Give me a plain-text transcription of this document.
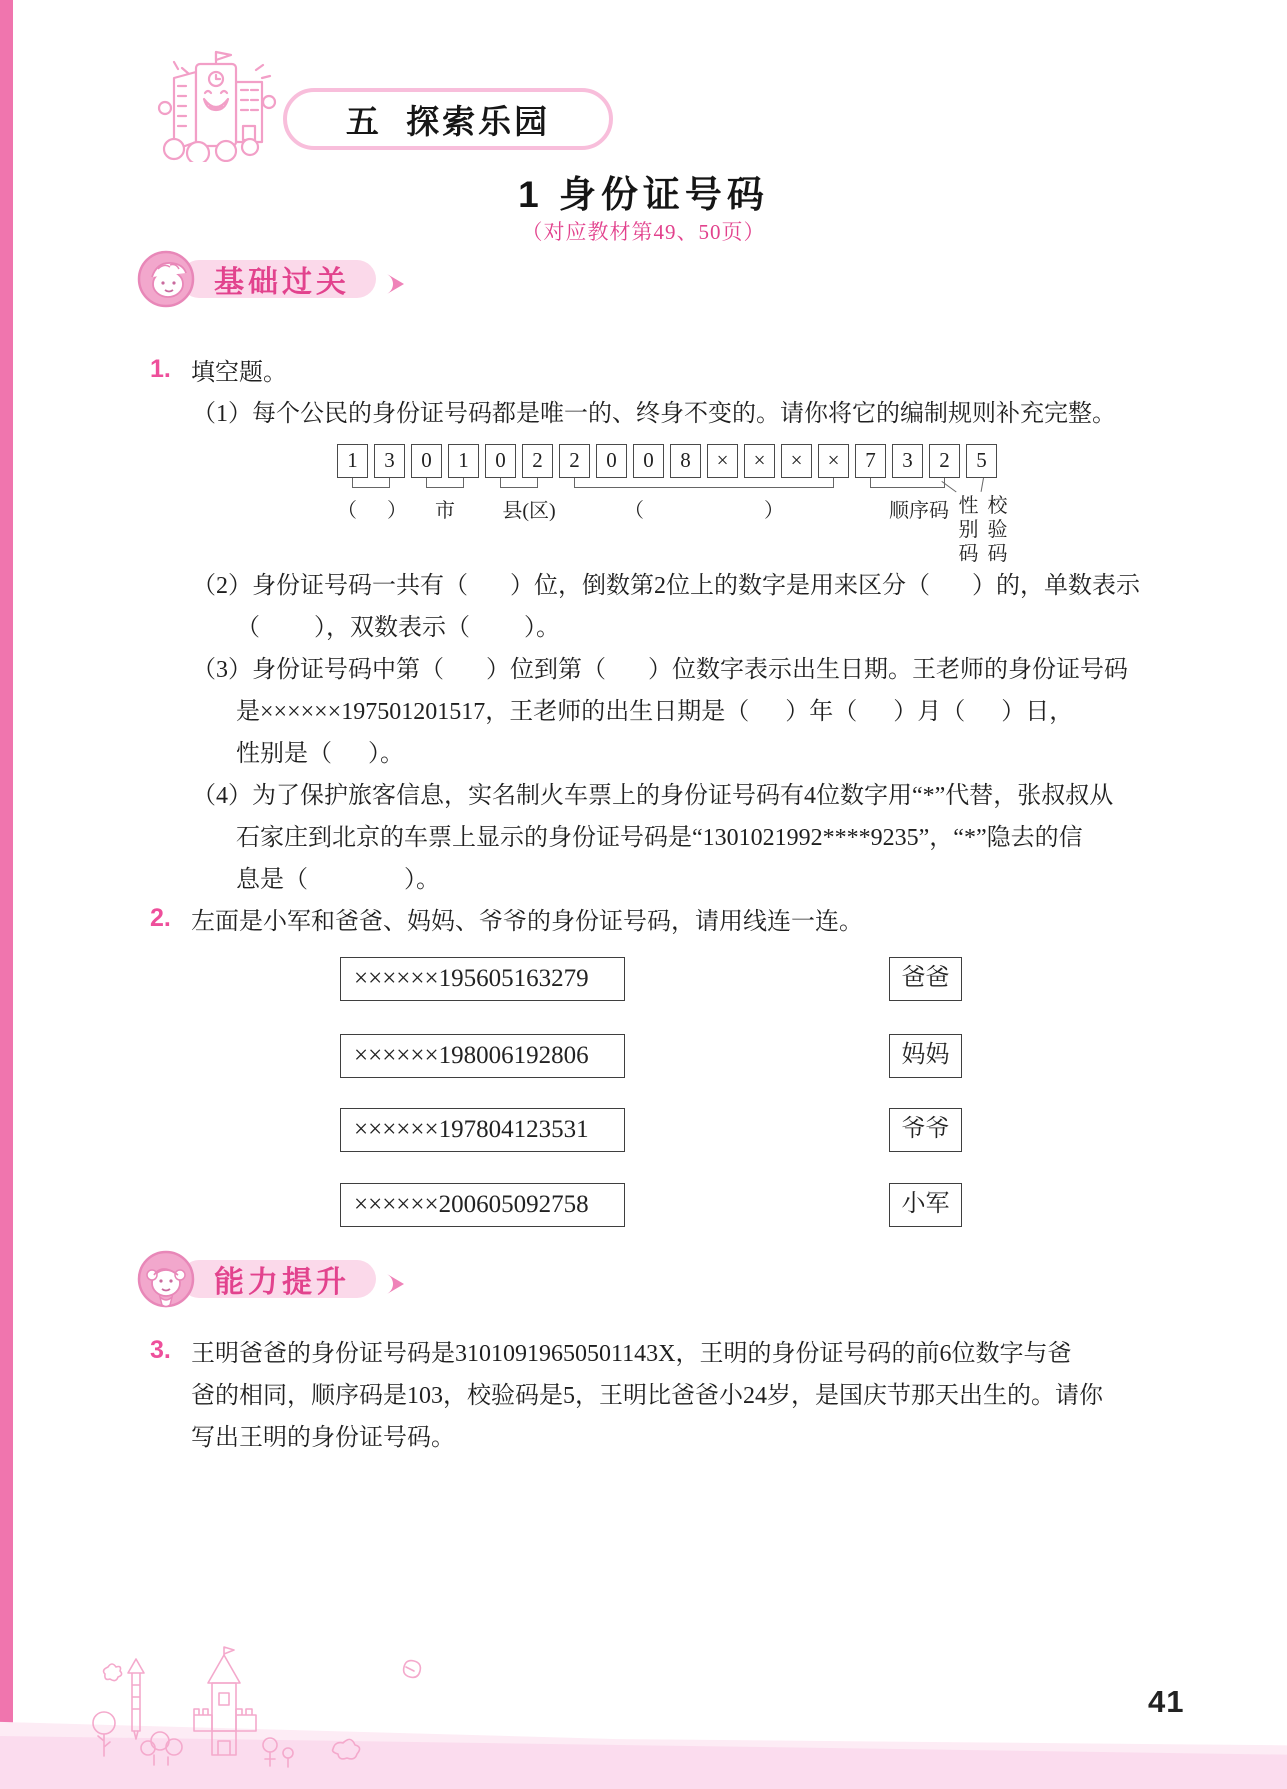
五  探索乐园
1 身份证号码
（对应教材第49、50页）
基础过关
1. 填空题。
（1）每个公民的身份证号码都是唯一的、终身不变的。请你将它的编制规则补充完整。
1	3	0	1	0	2	2	0	0	8	×	×	×	×	7	3	2	5
（      ）	市	县(区)	（                        ）	顺序码 性别码
校验码
（2）身份证号码一共有（       ）位，倒数第2位上的数字是用来区分（       ）的，单数表示
（         ），双数表示（         ）。
（3）身份证号码中第（       ）位到第（       ）位数字表示出生日期。王老师的身份证号码
是××××××197501201517，王老师的出生日期是（      ）年（      ）月（      ）日，
性别是（      ）。
（4）为了保护旅客信息，实名制火车票上的身份证号码有4位数字用“*”代替，张叔叔从
石家庄到北京的车票上显示的身份证号码是“1301021992****9235”，“*”隐去的信
息是（                ）。
2. 左面是小军和爸爸、妈妈、爷爷的身份证号码，请用线连一连。
××××××195605163279
××××××198006192806
××××××197804123531
××××××200605092758
爸爸
妈妈
爷爷
小军
能力提升
3. 王明爸爸的身份证号码是31010919650501143X，王明的身份证号码的前6位数字与爸
爸的相同，顺序码是103，校验码是5，王明比爸爸小24岁，是国庆节那天出生的。请你
写出王明的身份证号码。
41
